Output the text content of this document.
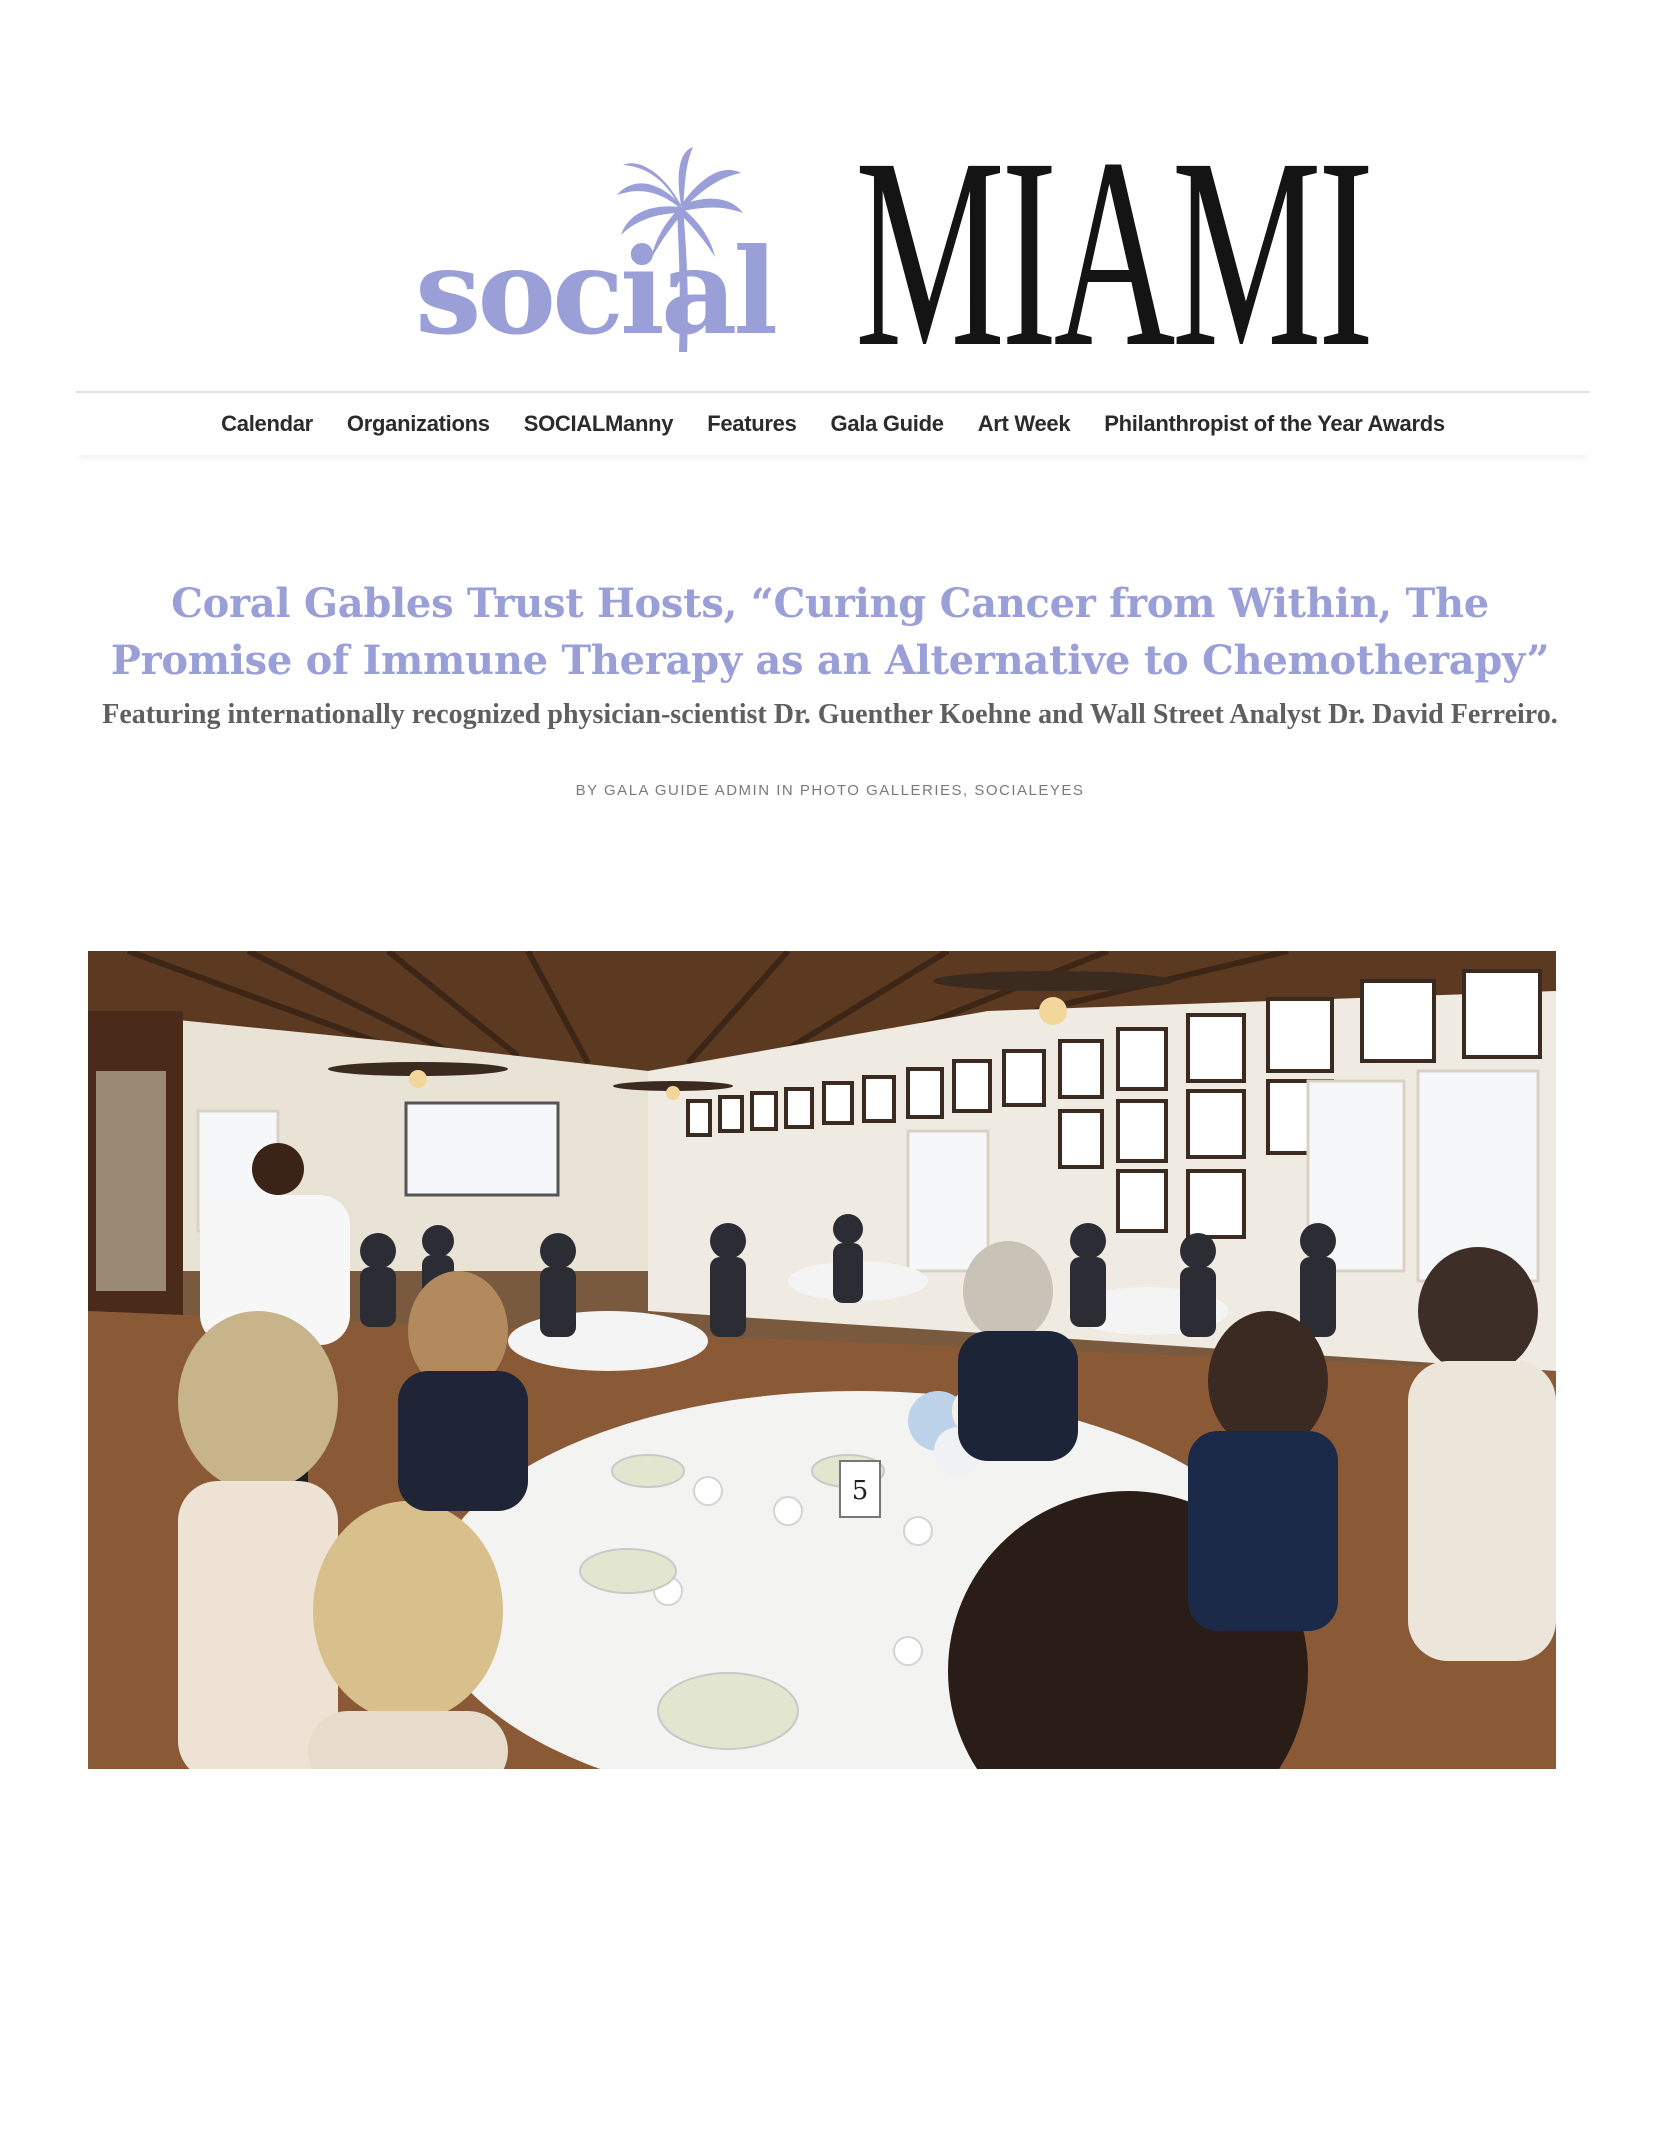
social MIAMI
Calendar Organizations SOCIALManny Features Gala Guide Art Week Philanthropist of the Year Awards
Coral Gables Trust Hosts, “Curing Cancer from Within, The Promise of Immune Therapy as an Alternative to Chemotherapy”
Featuring internationally recognized physician-scientist Dr. Guenther Koehne and Wall Street Analyst Dr. David Ferreiro.
BY GALA GUIDE ADMIN IN PHOTO GALLERIES, SOCIALEYES
5
